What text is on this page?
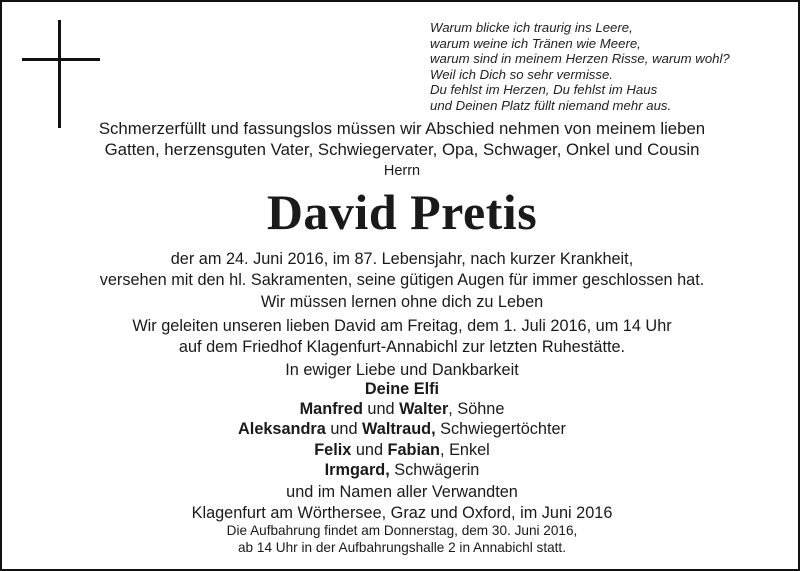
Warum blicke ich traurig ins Leere,
warum weine ich Tränen wie Meere,
warum sind in meinem Herzen Risse, warum wohl?
Weil ich Dich so sehr vermisse.
Du fehlst im Herzen, Du fehlst im Haus
und Deinen Platz füllt niemand mehr aus.
Schmerzerfüllt und fassungslos müssen wir Abschied nehmen von meinem lieben
Gatten, herzensguten Vater, Schwiegervater, Opa, Schwager, Onkel und Cousin
Herrn
David Pretis
der am 24. Juni 2016, im 87. Lebensjahr, nach kurzer Krankheit,
versehen mit den hl. Sakramenten, seine gütigen Augen für immer geschlossen hat.
Wir müssen lernen ohne dich zu Leben
Wir geleiten unseren lieben David am Freitag, dem 1. Juli 2016, um 14 Uhr
auf dem Friedhof Klagenfurt-Annabichl zur letzten Ruhestätte.
In ewiger Liebe und Dankbarkeit
Deine Elfi
Manfred und Walter, Söhne
Aleksandra und Waltraud, Schwiegertöchter
Felix und Fabian, Enkel
Irmgard, Schwägerin
und im Namen aller Verwandten
Klagenfurt am Wörthersee, Graz und Oxford, im Juni 2016
Die Aufbahrung findet am Donnerstag, dem 30. Juni 2016,
ab 14 Uhr in der Aufbahrungshalle 2 in Annabichl statt.
